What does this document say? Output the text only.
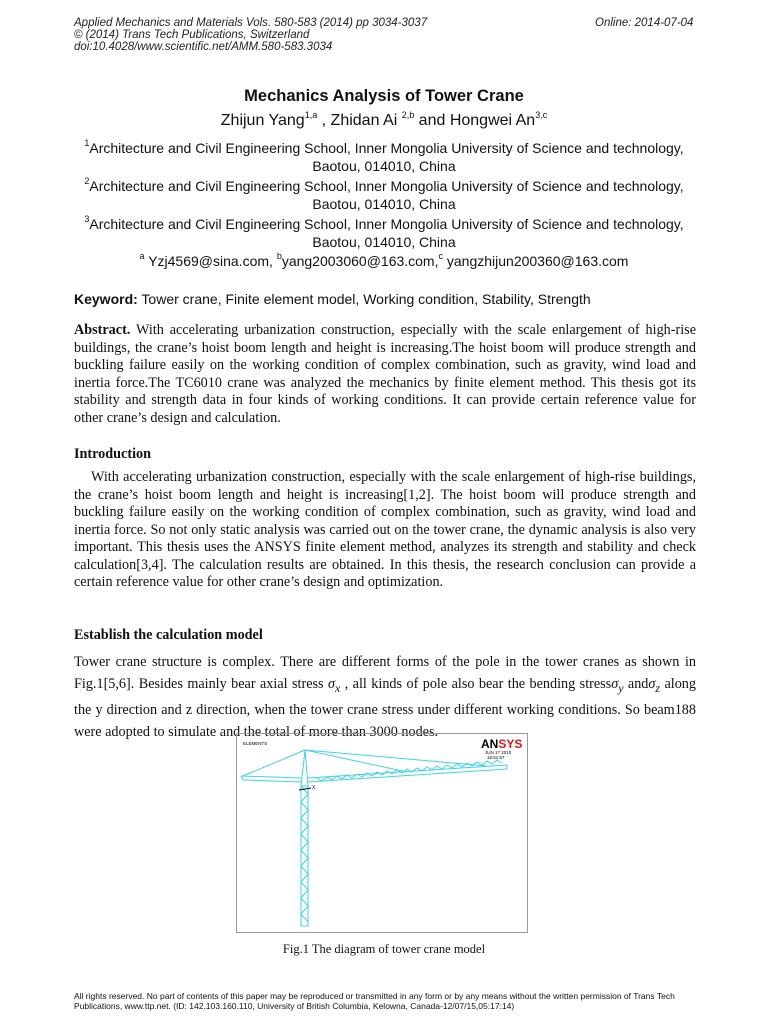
Applied Mechanics and Materials Vols. 580-583 (2014) pp 3034-3037
© (2014) Trans Tech Publications, Switzerland
doi:10.4028/www.scientific.net/AMM.580-583.3034
Online: 2014-07-04
Mechanics Analysis of Tower Crane
Zhijun Yang$^{1,a}$ , Zhidan Ai $^{2,b}$ and Hongwei An$^{3,c}$
$^1$Architecture and Civil Engineering School, Inner Mongolia University of Science and technology,
Baotou, 014010, China
$^2$Architecture and Civil Engineering School, Inner Mongolia University of Science and technology,
Baotou, 014010, China
$^3$Architecture and Civil Engineering School, Inner Mongolia University of Science and technology,
Baotou, 014010, China
$^a$ Yzj4569@sina.com, $^b$yang2003060@163.com,$^c$ yangzhijun200360@163.com
Keyword: Tower crane, Finite element model, Working condition, Stability, Strength
Abstract. With accelerating urbanization construction, especially with the scale enlargement of high-rise buildings, the crane’s hoist boom length and height is increasing.The hoist boom will produce strength and buckling failure easily on the working condition of complex combination, such as gravity, wind load and inertia force.The TC6010 crane was analyzed the mechanics by finite element method. This thesis got its stability and strength data in four kinds of working conditions. It can provide certain reference value for other crane’s design and calculation.
Introduction
With accelerating urbanization construction, especially with the scale enlargement of high-rise buildings, the crane’s hoist boom length and height is increasing[1,2]. The hoist boom will produce strength and buckling failure easily on the working condition of complex combination, such as gravity, wind load and inertia force. So not only static analysis was carried out on the tower crane, the dynamic analysis is also very important. This thesis uses the ANSYS finite element method, analyzes its strength and stability and check calculation[3,4]. The calculation results are obtained. In this thesis, the research conclusion can provide a certain reference value for other crane’s design and optimization.
Establish the calculation model
Tower crane structure is complex. There are different forms of the pole in the tower cranes as shown in Fig.1[5,6]. Besides mainly bear axial stress $\sigma_x$ , all kinds of pole also bear the bending stressσ$_y$ andσ$_z$ along the y direction and z direction, when the tower crane stress under different working conditions. So beam188 were adopted to simulate and the total of more than 3000 nodes.
ELEMENTS	ANSYS
JUN 17 2010
16:51:57
X
Fig.1 The diagram of tower crane model
All rights reserved. No part of contents of this paper may be reproduced or transmitted in any form or by any means without the written permission of Trans Tech Publications, www.ttp.net. (ID: 142.103.160.110, University of British Columbia, Kelowna, Canada-12/07/15,05:17:14)
